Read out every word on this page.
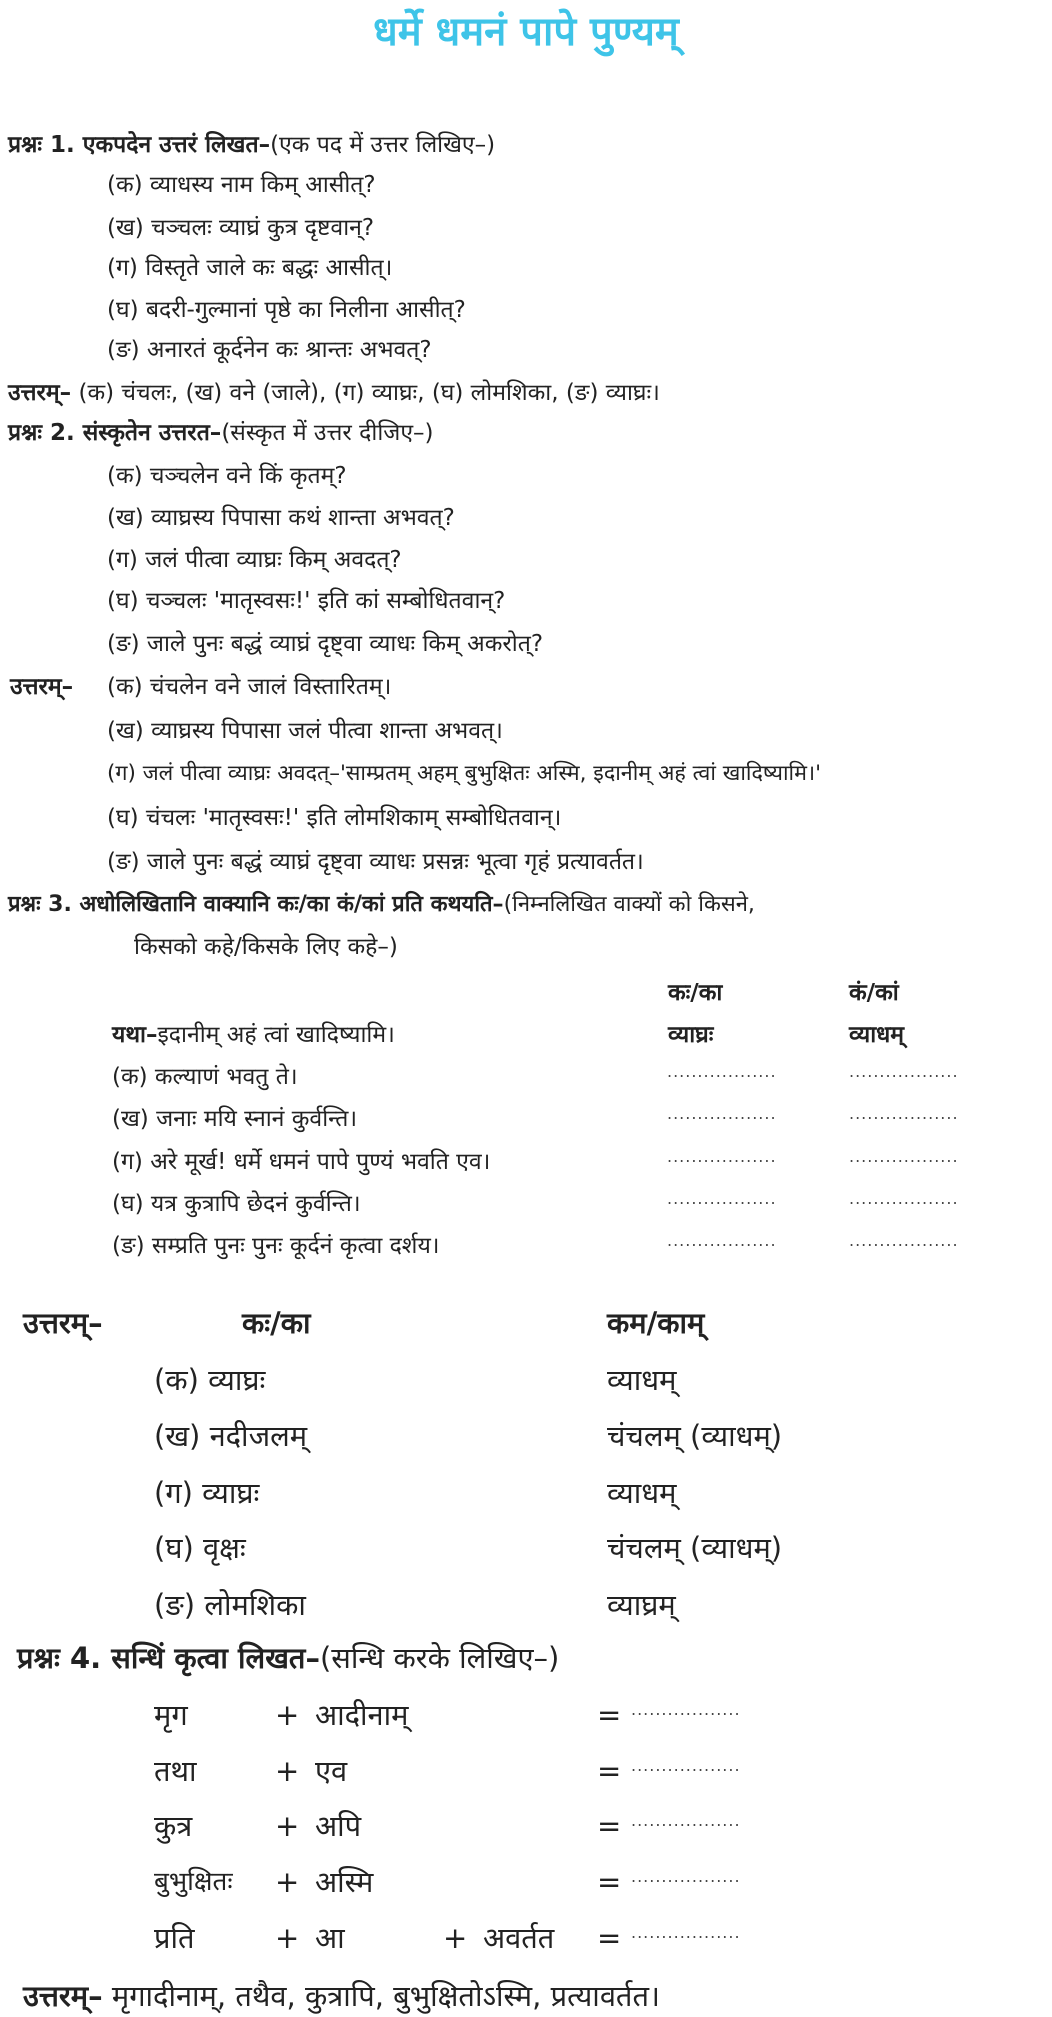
धर्मे धमनं पापे पुण्यम्
प्रश्नः 1. एकपदेन उत्तरं लिखत–(एक पद में उत्तर लिखिए–)
(क) व्याधस्य नाम किम् आसीत्?
(ख) चञ्चलः व्याघ्रं कुत्र दृष्टवान्?
(ग) विस्तृते जाले कः बद्धः आसीत्।
(घ) बदरी-गुल्मानां पृष्ठे का निलीना आसीत्?
(ङ) अनारतं कूर्दनेन कः श्रान्तः अभवत्?
उत्तरम्– (क) चंचलः, (ख) वने (जाले), (ग) व्याघ्रः, (घ) लोमशिका, (ङ) व्याघ्रः।
प्रश्नः 2. संस्कृतेन उत्तरत–(संस्कृत में उत्तर दीजिए–)
(क) चञ्चलेन वने किं कृतम्?
(ख) व्याघ्रस्य पिपासा कथं शान्ता अभवत्?
(ग) जलं पीत्वा व्याघ्रः किम् अवदत्?
(घ) चञ्चलः 'मातृस्वसः!' इति कां सम्बोधितवान्?
(ङ) जाले पुनः बद्धं व्याघ्रं दृष्ट्वा व्याधः किम् अकरोत्?
उत्तरम्– (क) चंचलेन वने जालं विस्तारितम्।
(ख) व्याघ्रस्य पिपासा जलं पीत्वा शान्ता अभवत्।
(ग) जलं पीत्वा व्याघ्रः अवदत्–'साम्प्रतम् अहम् बुभुक्षितः अस्मि, इदानीम् अहं त्वां खादिष्यामि।'
(घ) चंचलः 'मातृस्वसः!' इति लोमशिकाम् सम्बोधितवान्।
(ङ) जाले पुनः बद्धं व्याघ्रं दृष्ट्वा व्याधः प्रसन्नः भूत्वा गृहं प्रत्यावर्तत।
प्रश्नः 3. अधोलिखितानि वाक्यानि कः/का कं/कां प्रति कथयति–(निम्नलिखित वाक्यों को किसने,
किसको कहे/किसके लिए कहे–)
कः/का	कं/कां
यथा–इदानीम् अहं त्वां खादिष्यामि।	व्याघ्रः	व्याधम्
(क) कल्याणं भवतु ते।	..................	..................
(ख) जनाः मयि स्नानं कुर्वन्ति।	..................	..................
(ग) अरे मूर्ख! धर्मे धमनं पापे पुण्यं भवति एव।	..................	..................
(घ) यत्र कुत्रापि छेदनं कुर्वन्ति।	..................	..................
(ङ) सम्प्रति पुनः पुनः कूर्दनं कृत्वा दर्शय।	..................	..................
उत्तरम्–	कः/का	कम/काम्
(क) व्याघ्रः	व्याधम्
(ख) नदीजलम्	चंचलम् (व्याधम्)
(ग) व्याघ्रः	व्याधम्
(घ) वृक्षः	चंचलम् (व्याधम्)
(ङ) लोमशिका	व्याघ्रम्
प्रश्नः 4. सन्धिं कृत्वा लिखत–(सन्धि करके लिखिए–)
मृग	+ आदीनाम्	= ..................
तथा	+ एव	= ..................
कुत्र	+ अपि	= ..................
बुभुक्षितः + अस्मि	= ..................
प्रति	+ आ	+ अवर्तत = ..................
उत्तरम्– मृगादीनाम्, तथैव, कुत्रापि, बुभुक्षितोऽस्मि, प्रत्यावर्तत।
